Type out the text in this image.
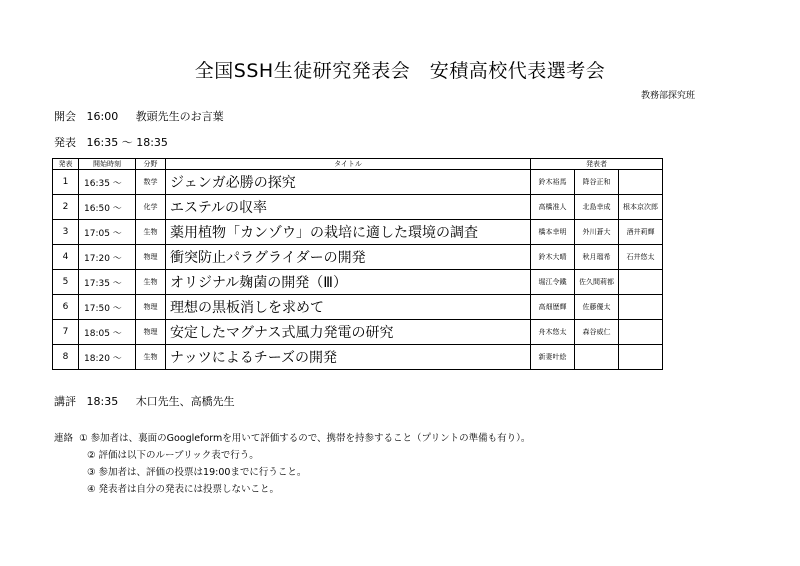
全国SSH生徒研究発表会　安積高校代表選考会
教務部探究班
開会 16:00 教頭先生のお言葉
発表 16:35 〜 18:35
発表	開始時刻	分野	タイトル	発表者		
1	16:35 〜	数学	ジェンガ必勝の探究	鈴木裕馬	降谷正和	
2	16:50 〜	化学	エステルの収率	高橋准人	北島幸成	根本京次郎
3	17:05 〜	生物	薬用植物「カンゾウ」の栽培に適した環境の調査	橋本幸明	外川蒼大	酒井莉輝
4	17:20 〜	物理	衝突防止パラグライダーの開発	鈴木大晴	秋月瑠希	石井悠太
5	17:35 〜	生物	オリジナル麹菌の開発（Ⅲ）	堀江令鐵	佐久間莉都	
6	17:50 〜	物理	理想の黒板消しを求めて	高畑歴輝	佐藤優太	
7	18:05 〜	物理	安定したマグナス式風力発電の研究	舟木悠太	森谷威仁	
8	18:20 〜	生物	ナッツによるチーズの開発	新妻叶絵		
講評 18:35 木口先生、高橋先生
連絡 ① 参加者は、裏面のGoogleformを用いて評価するので、携帯を持参すること（プリントの準備も有り）。
② 評価は以下のルーブリック表で行う。
③ 参加者は、評価の投票は19:00までに行うこと。
④ 発表者は自分の発表には投票しないこと。
